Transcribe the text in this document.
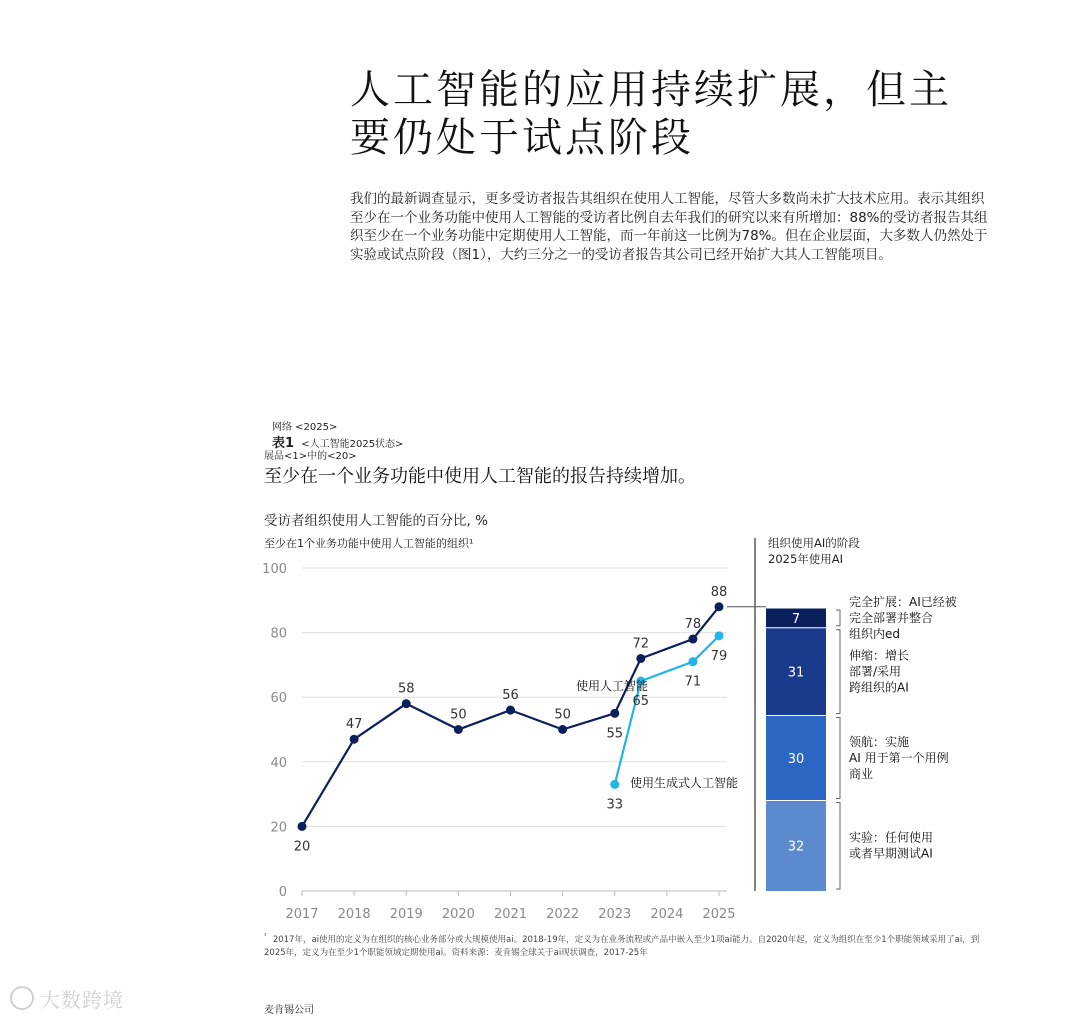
人工智能的应用持续扩展，但主要仍处于试点阶段

我们的最新调查显示，更多受访者报告其组织在使用人工智能，尽管大多数尚未扩大技术应用。表示其组织至少在一个业务功能中使用人工智能的受访者比例自去年我们的研究以来有所增加：88%的受访者报告其组织至少在一个业务功能中定期使用人工智能，而一年前这一比例为78%。但在企业层面，大多数人仍然处于实验或试点阶段（图1），大约三分之一的受访者报告其公司已经开始扩大其人工智能项目。

网络 <2025>
表1 <人工智能2025状态>
展品<1>中的<20>
至少在一个业务功能中使用人工智能的报告持续增加。
受访者组织使用人工智能的百分比, %
至少在1个业务功能中使用人工智能的组织¹	组织使用AI的阶段
2025年使用AI
0
20
40
60
80
100
2017 2018 2019 2020 2021 2022 2023 2024 2025
20
47
58
50
56
50
55
72
78
88
33
65
71
79
使用人工智能
使用生成式人工智能
7
完全扩展：AI已经被
完全部署并整合
组织内ed
31
伸缩：增长
部署/采用
跨组织的AI
30
领航：实施
AI 用于第一个用例
商业
32
实验：任何使用
或者早期测试AI
$^{^1}$ 2017年，ai使用的定义为在组织的核心业务部分或大规模使用ai。2018-19年，定义为在业务流程或产品中嵌入至少1项ai能力。自2020年起，定义为组织在至少1个职能领域采用了ai，到2025年，定义为在至少1个职能领域定期使用ai。资料来源：麦肯锡全球关于ai现状调查，2017-25年
大数跨境	麦肯锡公司
